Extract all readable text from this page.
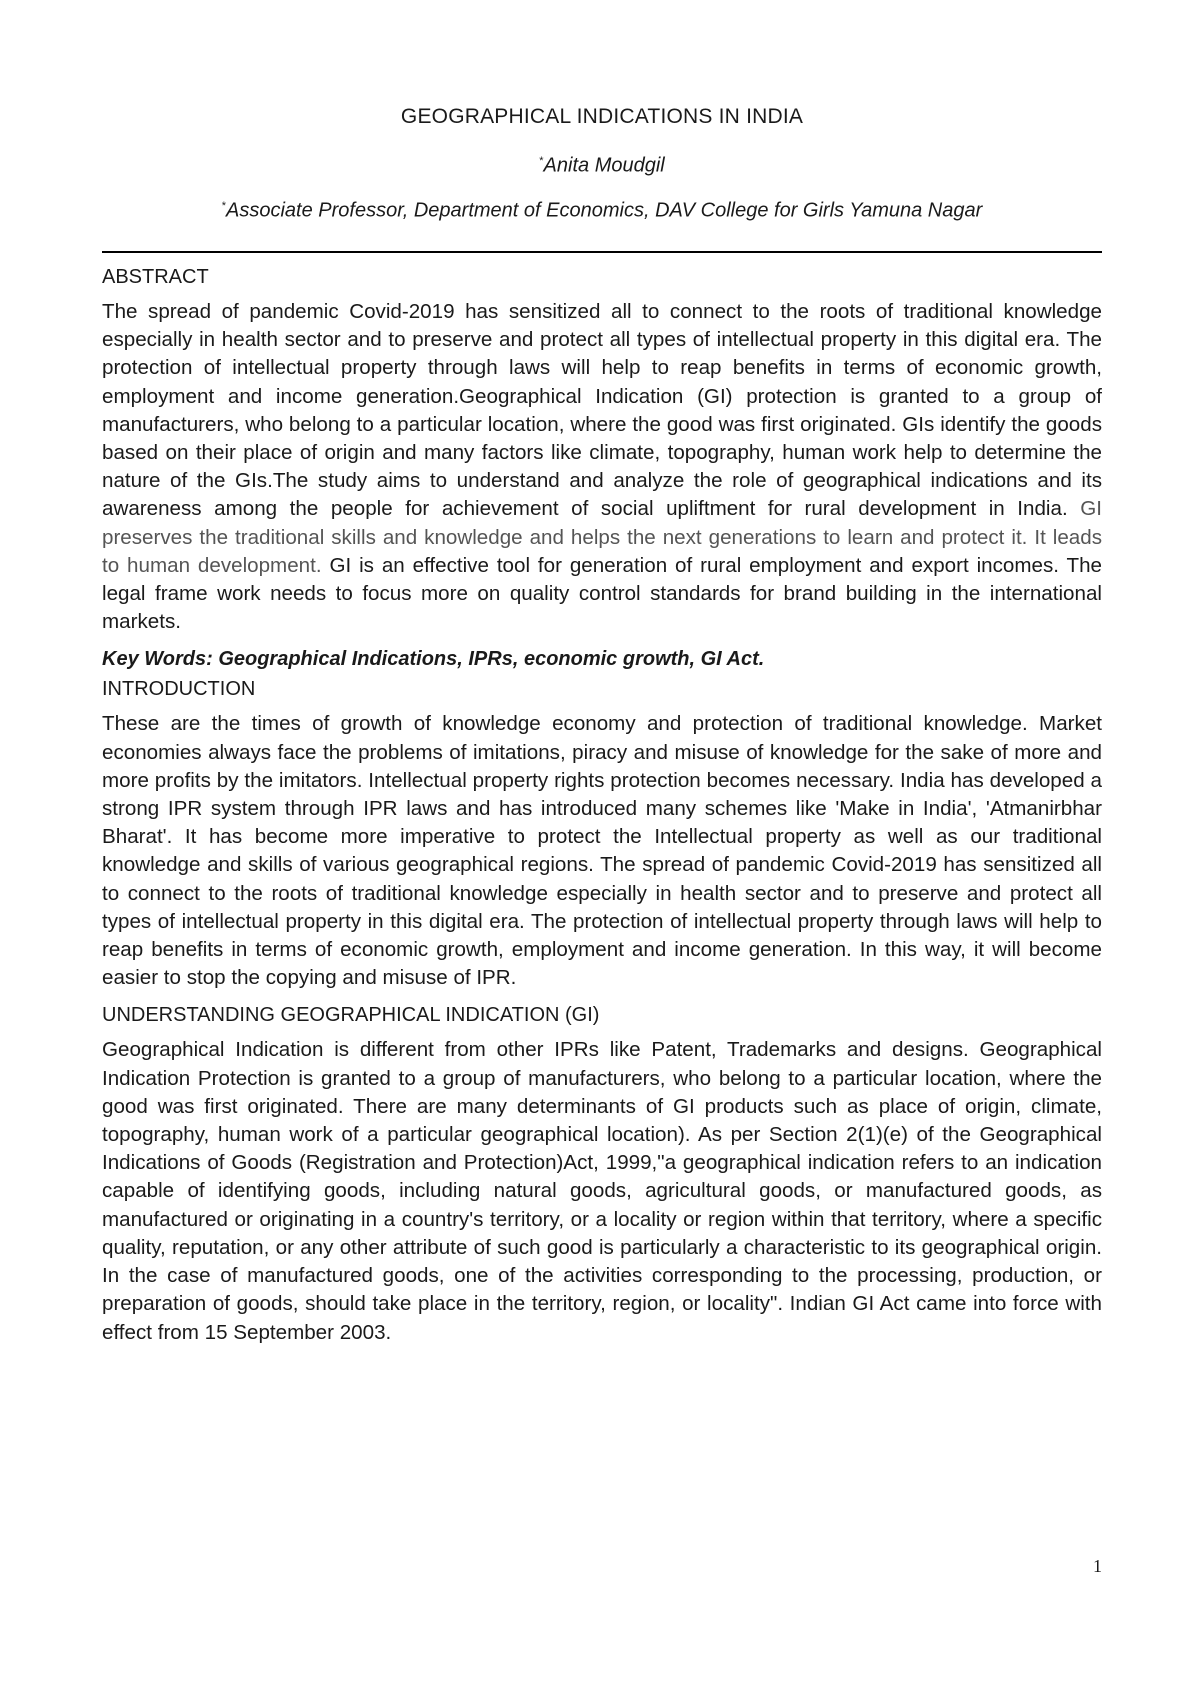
GEOGRAPHICAL INDICATIONS IN INDIA

*Anita Moudgil

*Associate Professor, Department of Economics, DAV College for Girls Yamuna Nagar

ABSTRACT

The spread of pandemic Covid-2019 has sensitized all to connect to the roots of traditional knowledge especially in health sector and to preserve and protect all types of intellectual property in this digital era. The protection of intellectual property through laws will help to reap benefits in terms of economic growth, employment and income generation.Geographical Indication (GI) protection is granted to a group of manufacturers, who belong to a particular location, where the good was first originated. GIs identify the goods based on their place of origin and many factors like climate, topography, human work help to determine the nature of the GIs.The study aims to understand and analyze the role of geographical indications and its awareness among the people for achievement of social upliftment for rural development in India. GI preserves the traditional skills and knowledge and helps the next generations to learn and protect it. It leads to human development. GI is an effective tool for generation of rural employment and export incomes. The legal frame work needs to focus more on quality control standards for brand building in the international markets.

Key Words: Geographical Indications, IPRs, economic growth, GI Act.

INTRODUCTION

These are the times of growth of knowledge economy and protection of traditional knowledge. Market economies always face the problems of imitations, piracy and misuse of knowledge for the sake of more and more profits by the imitators. Intellectual property rights protection becomes necessary. India has developed a strong IPR system through IPR laws and has introduced many schemes like 'Make in India', 'Atmanirbhar Bharat'. It has become more imperative to protect the Intellectual property as well as our traditional knowledge and skills of various geographical regions. The spread of pandemic Covid-2019 has sensitized all to connect to the roots of traditional knowledge especially in health sector and to preserve and protect all types of intellectual property in this digital era. The protection of intellectual property through laws will help to reap benefits in terms of economic growth, employment and income generation. In this way, it will become easier to stop the copying and misuse of IPR.

UNDERSTANDING GEOGRAPHICAL INDICATION (GI)

Geographical Indication is different from other IPRs like Patent, Trademarks and designs. Geographical Indication Protection is granted to a group of manufacturers, who belong to a particular location, where the good was first originated. There are many determinants of GI products such as place of origin, climate, topography, human work of a particular geographical location). As per Section 2(1)(e) of the Geographical Indications of Goods (Registration and Protection)Act, 1999,"a geographical indication refers to an indication capable of identifying goods, including natural goods, agricultural goods, or manufactured goods, as manufactured or originating in a country's territory, or a locality or region within that territory, where a specific quality, reputation, or any other attribute of such good is particularly a characteristic to its geographical origin. In the case of manufactured goods, one of the activities corresponding to the processing, production, or preparation of goods, should take place in the territory, region, or locality". Indian GI Act came into force with effect from 15 September 2003.

1
